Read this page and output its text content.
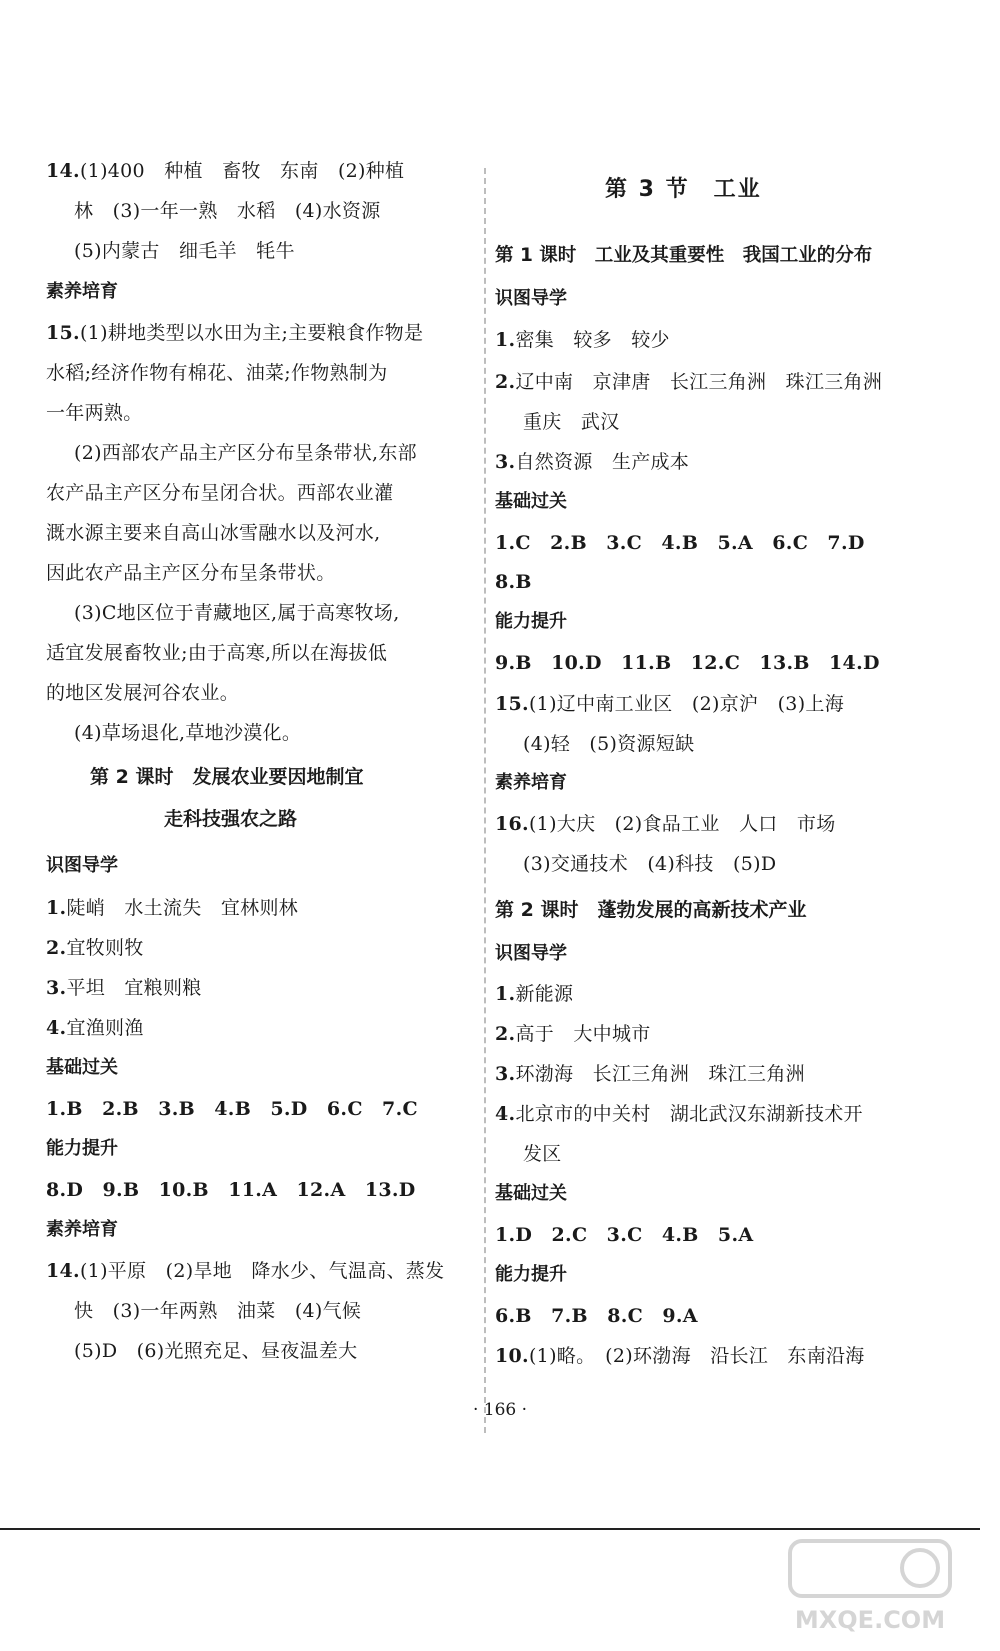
14.(1)400　种植　畜牧　东南　(2)种植
林　(3)一年一熟　水稻　(4)水资源
(5)内蒙古　细毛羊　牦牛
素养培育
15.(1)耕地类型以水田为主;主要粮食作物是
水稻;经济作物有棉花、油菜;作物熟制为
一年两熟。
(2)西部农产品主产区分布呈条带状,东部
农产品主产区分布呈闭合状。西部农业灌
溉水源主要来自高山冰雪融水以及河水,
因此农产品主产区分布呈条带状。
(3)C地区位于青藏地区,属于高寒牧场,
适宜发展畜牧业;由于高寒,所以在海拔低
的地区发展河谷农业。
(4)草场退化,草地沙漠化。
第 2 课时　发展农业要因地制宜
走科技强农之路
识图导学
1.陡峭　水土流失　宜林则林
2.宜牧则牧
3.平坦　宜粮则粮
4.宜渔则渔
基础过关
1.B　2.B　3.B　4.B　5.D　6.C　7.C
能力提升
8.D　9.B　10.B　11.A　12.A　13.D
素养培育
14.(1)平原　(2)旱地　降水少、气温高、蒸发
快　(3)一年两熟　油菜　(4)气候
(5)D　(6)光照充足、昼夜温差大
第 3 节　工业
第 1 课时　工业及其重要性　我国工业的分布
识图导学
1.密集　较多　较少
2.辽中南　京津唐　长江三角洲　珠江三角洲
重庆　武汉
3.自然资源　生产成本
基础过关
1.C　2.B　3.C　4.B　5.A　6.C　7.D
8.B
能力提升
9.B　10.D　11.B　12.C　13.B　14.D
15.(1)辽中南工业区　(2)京沪　(3)上海
(4)轻　(5)资源短缺
素养培育
16.(1)大庆　(2)食品工业　人口　市场
(3)交通技术　(4)科技　(5)D
第 2 课时　蓬勃发展的高新技术产业
识图导学
1.新能源
2.高于　大中城市
3.环渤海　长江三角洲　珠江三角洲
4.北京市的中关村　湖北武汉东湖新技术开
发区
基础过关
1.D　2.C　3.C　4.B　5.A
能力提升
6.B　7.B　8.C　9.A
10.(1)略。　(2)环渤海　沿长江　东南沿海
· 166 ·
MXQE.COM
